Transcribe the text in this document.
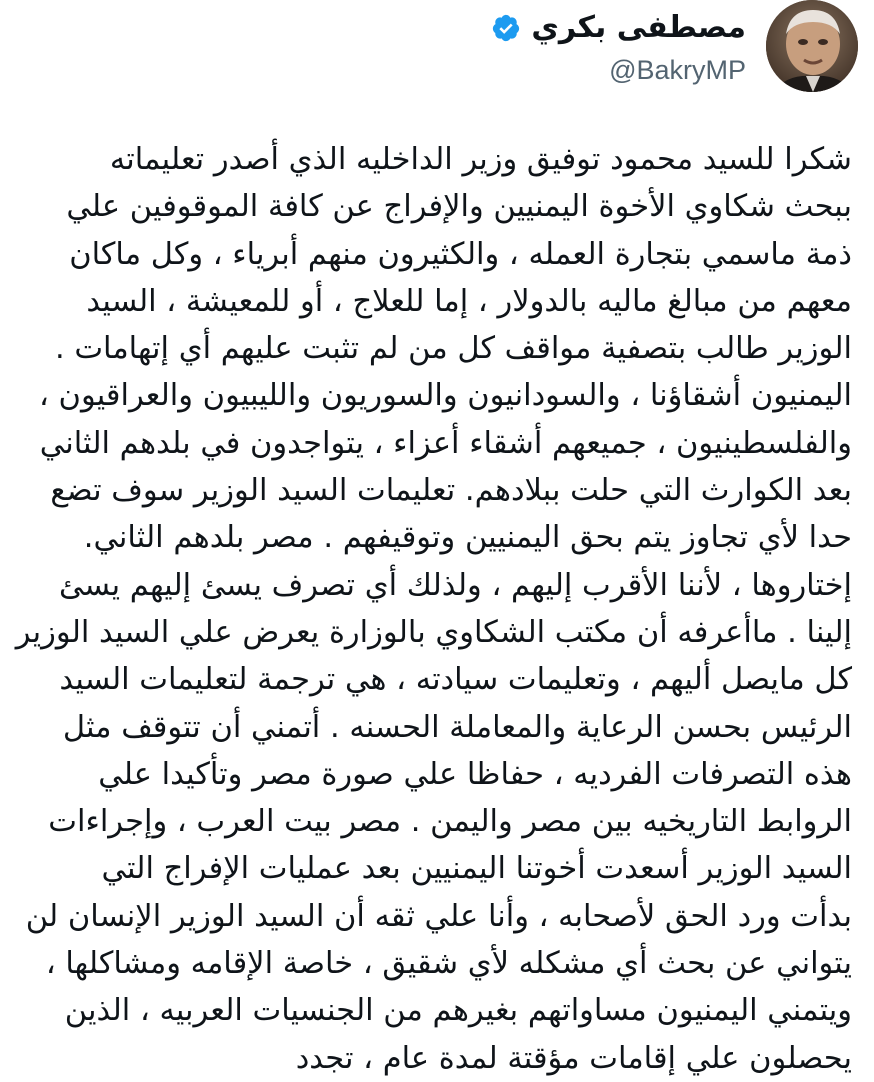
مصطفى بكري
@BakryMP
شكرا للسيد محمود توفيق وزير الداخليه الذي أصدر تعليماته
ببحث شكاوي الأخوة اليمنيين والإفراج عن كافة الموقوفين علي
ذمة ماسمي بتجارة العمله ، والكثيرون منهم أبرياء ، وكل ماكان
معهم من مبالغ ماليه بالدولار ، إما للعلاج ، أو للمعيشة ، السيد
الوزير طالب بتصفية مواقف كل من لم تثبت عليهم أي إتهامات .
اليمنيون أشقاؤنا ، والسودانيون والسوريون والليبيون والعراقيون ،
والفلسطينيون ، جميعهم أشقاء أعزاء ، يتواجدون في بلدهم الثاني
بعد الكوارث التي حلت ببلادهم. تعليمات السيد الوزير سوف تضع
حدا لأي تجاوز يتم بحق اليمنيين وتوقيفهم . مصر بلدهم الثاني.
إختاروها ، لأننا الأقرب إليهم ، ولذلك أي تصرف يسئ إليهم يسئ
إلينا . ماأعرفه أن مكتب الشكاوي بالوزارة يعرض علي السيد الوزير
كل مايصل أليهم ، وتعليمات سيادته ، هي ترجمة لتعليمات السيد
الرئيس بحسن الرعاية والمعاملة الحسنه . أتمني أن تتوقف مثل
هذه التصرفات الفرديه ، حفاظا علي صورة مصر وتأكيدا علي
الروابط التاريخيه بين مصر واليمن . مصر بيت العرب ، وإجراءات
السيد الوزير أسعدت أخوتنا اليمنيين بعد عمليات الإفراج التي
بدأت ورد الحق لأصحابه ، وأنا علي ثقه أن السيد الوزير الإنسان لن
يتواني عن بحث أي مشكله لأي شقيق ، خاصة الإقامه ومشاكلها ،
ويتمني اليمنيون مساواتهم بغيرهم من الجنسيات العربيه ، الذين
يحصلون علي إقامات مؤقتة لمدة عام ، تجدد
